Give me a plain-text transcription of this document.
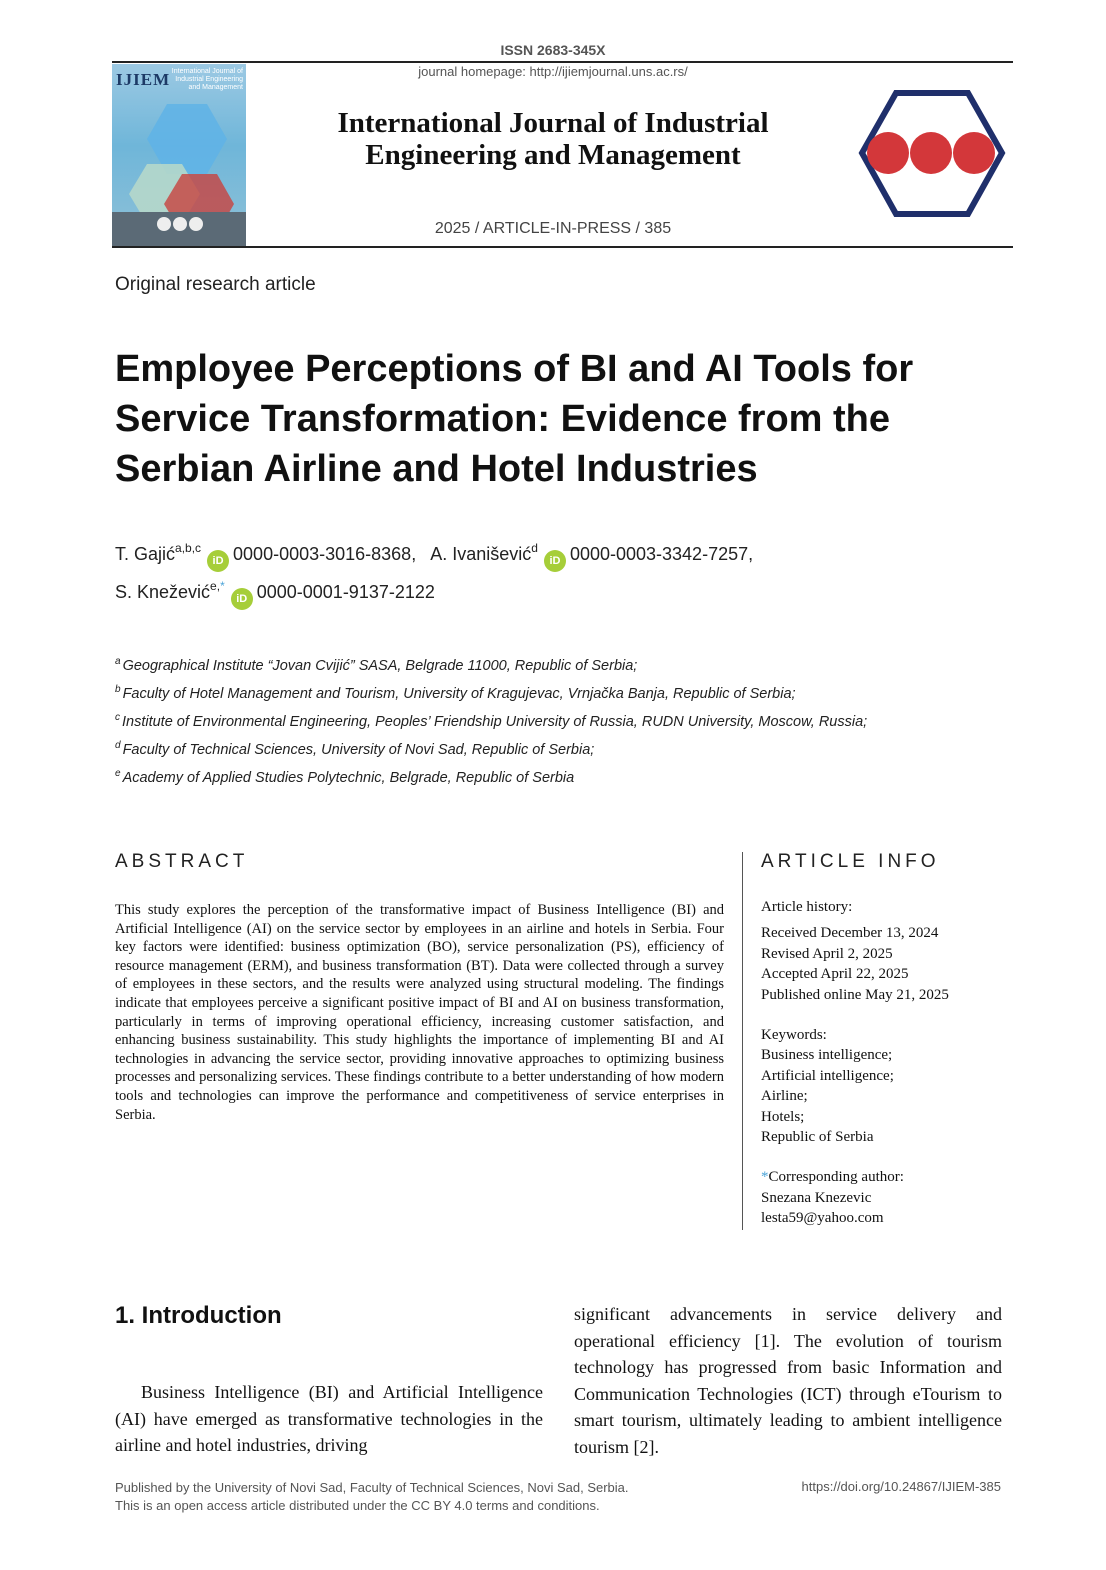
ISSN 2683-345X
journal homepage: http://ijiemjournal.uns.ac.rs/
IJIEM International Journal of Industrial Engineering and Management
International Journal of Industrial
Engineering and Management
2025 / ARTICLE-IN-PRESS / 385
Original research article
Employee Perceptions of BI and AI Tools for Service Transformation: Evidence from the Serbian Airline and Hotel Industries
T. Gajić$^{a,b,c}$iD 0000-0003-3016-8368, A. Ivanišević$^d$iD 0000-0003-3342-7257,
S. Knežević$^{e,*}$iD 0000-0001-9137-2122
$^a$ Geographical Institute “Jovan Cvijić” SASA, Belgrade 11000, Republic of Serbia;
$^b$ Faculty of Hotel Management and Tourism, University of Kragujevac, Vrnjačka Banja, Republic of Serbia;
$^c$ Institute of Environmental Engineering, Peoples’ Friendship University of Russia, RUDN University, Moscow, Russia;
$^d$ Faculty of Technical Sciences, University of Novi Sad, Republic of Serbia;
$^e$ Academy of Applied Studies Polytechnic, Belgrade, Republic of Serbia
ABSTRACT
This study explores the perception of the transformative impact of Business Intelligence (BI) and Artificial Intelligence (AI) on the service sector by employees in an airline and hotels in Serbia. Four key factors were identified: business optimization (BO), service personalization (PS), efficiency of resource management (ERM), and business transformation (BT). Data were collected through a survey of employees in these sectors, and the results were analyzed using structural modeling. The findings indicate that employees perceive a significant positive impact of BI and AI on business transformation, particularly in terms of improving operational efficiency, increasing customer satisfaction, and enhancing business sustainability. This study highlights the importance of implementing BI and AI technologies in advancing the service sector, providing innovative approaches to optimizing business processes and personalizing services. These findings contribute to a better understanding of how modern tools and technologies can improve the performance and competitiveness of service enterprises in Serbia.
ARTICLE INFO
Article history:
Received December 13, 2024
Revised April 2, 2025
Accepted April 22, 2025
Published online May 21, 2025
Keywords:
Business intelligence;
Artificial intelligence;
Airline;
Hotels;
Republic of Serbia
*Corresponding author:
Snezana Knezevic
lesta59@yahoo.com
1. Introduction
Business Intelligence (BI) and Artificial Intelligence (AI) have emerged as transformative technologies in the airline and hotel industries, driving
significant advancements in service delivery and operational efficiency [1]. The evolution of tourism technology has progressed from basic Information and Communication Technologies (ICT) through eTourism to smart tourism, ultimately leading to ambient intelligence tourism [2].
Published by the University of Novi Sad, Faculty of Technical Sciences, Novi Sad, Serbia.
This is an open access article distributed under the CC BY 4.0 terms and conditions.
https://doi.org/10.24867/IJIEM-385
